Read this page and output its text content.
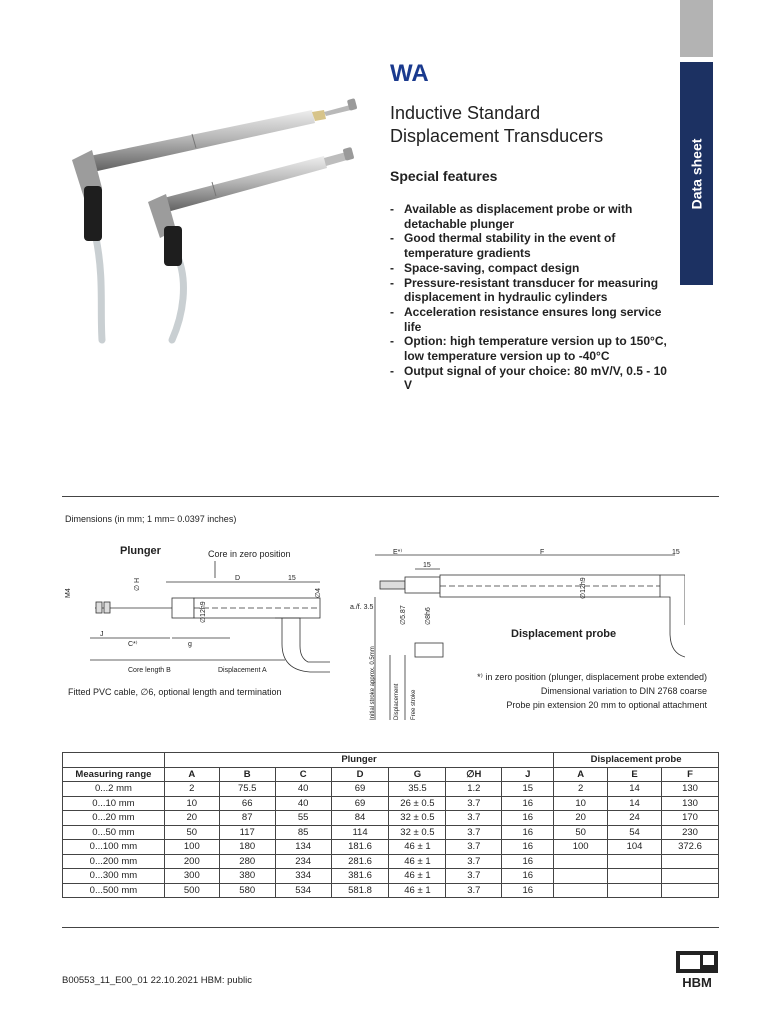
Data sheet
WA
Inductive Standard
Displacement Transducers
Special features
- Available as displacement probe or with detachable plunger
- Good thermal stability in the event of temperature gradients
- Space-saving, compact design
- Pressure-resistant transducer for measuring displacement in hydraulic cylinders
- Acceleration resistance ensures long service life
- Option: high temperature version up to 150°C, low temperature version up to -40°C
- Output signal of your choice: 80 mV/V, 0.5 - 10 V
Dimensions (in mm; 1 mm= 0.0397 inches)
Plunger	Core in zero position
M4
∅ H	D	15
∅4
∅12h9
J
C*⁾	g
Core length B	Displacement A
Fitted PVC cable, ∅6, optional length and termination
E*⁾	F	15
15
a./f. 3.5	∅5.87	∅8h6
∅12h9
Displacement probe
Initial stroke approx. 0.5mm	Displacement Free stroke
*⁾ in zero position (plunger, displacement probe extended)
Dimensional variation to DIN 2768 coarse
Probe pin extension 20 mm to optional attachment
	Plunger							Displacement probe		
Measuring range	A	B	C	D	G	∅H	J	A	E	F
0...2 mm	2	75.5	40	69	35.5	1.2	15	2	14	130
0...10 mm	10	66	40	69	26 ± 0.5	3.7	16	10	14	130
0...20 mm	20	87	55	84	32 ± 0.5	3.7	16	20	24	170
0...50 mm	50	117	85	114	32 ± 0.5	3.7	16	50	54	230
0...100 mm	100	180	134	181.6	46 ± 1	3.7	16	100	104	372.6
0...200 mm	200	280	234	281.6	46 ± 1	3.7	16			
0...300 mm	300	380	334	381.6	46 ± 1	3.7	16			
0...500 mm	500	580	534	581.8	46 ± 1	3.7	16			
B00553_11_E00_01 22.10.2021 HBM: public	HBM
